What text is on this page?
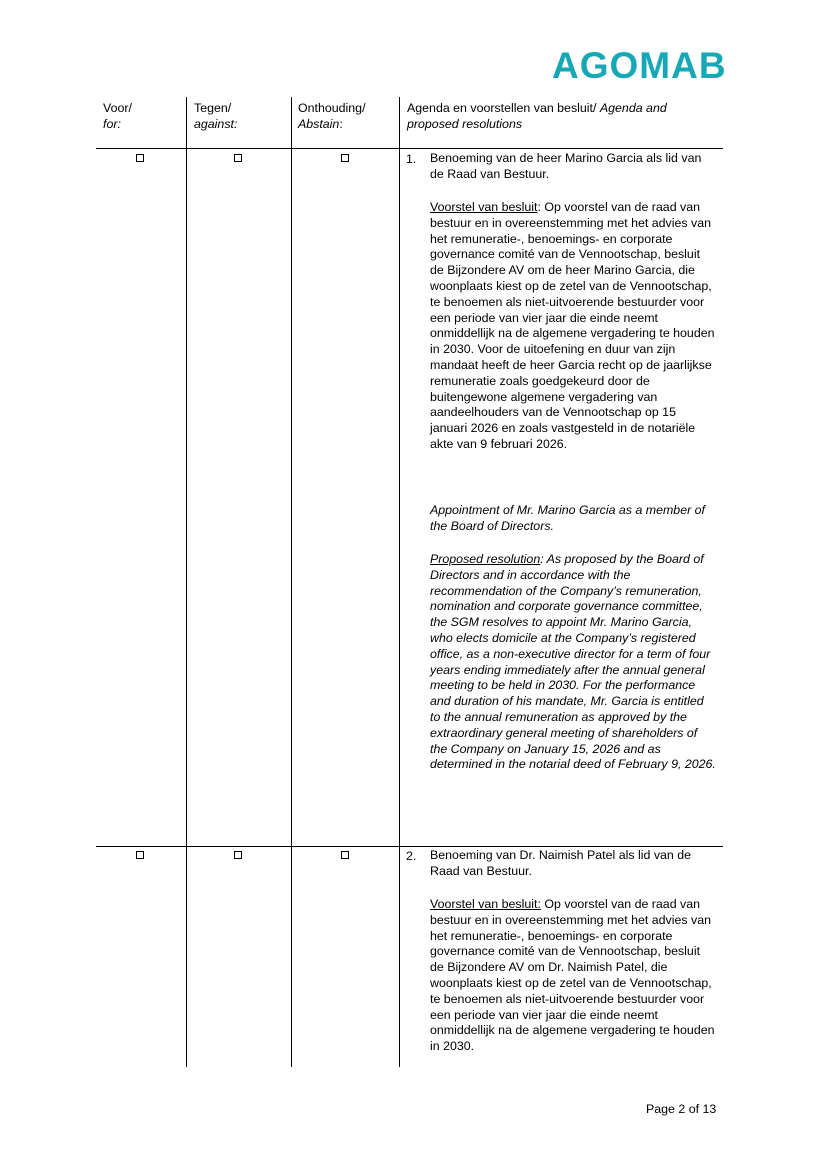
AGOMAB
Voor/
for:
Tegen/
against:
Onthouding/
Abstain:
Agenda en voorstellen van besluit/ Agenda and
proposed resolutions
1. Benoeming van de heer Marino Garcia als lid van de Raad van Bestuur.
Voorstel van besluit: Op voorstel van de raad van bestuur en in overeenstemming met het advies van het remuneratie-, benoemings- en corporate governance comité van de Vennootschap, besluit de Bijzondere AV om de heer Marino Garcia, die woonplaats kiest op de zetel van de Vennootschap, te benoemen als niet-uitvoerende bestuurder voor een periode van vier jaar die einde neemt onmiddellijk na de algemene vergadering te houden in 2030. Voor de uitoefening en duur van zijn mandaat heeft de heer Garcia recht op de jaarlijkse remuneratie zoals goedgekeurd door de buitengewone algemene vergadering van aandeelhouders van de Vennootschap op 15 januari 2026 en zoals vastgesteld in de notariële akte van 9 februari 2026.
Appointment of Mr. Marino Garcia as a member of the Board of Directors.
Proposed resolution: As proposed by the Board of Directors and in accordance with the recommendation of the Company’s remuneration, nomination and corporate governance committee, the SGM resolves to appoint Mr. Marino Garcia, who elects domicile at the Company’s registered office, as a non-executive director for a term of four years ending immediately after the annual general meeting to be held in 2030. For the performance and duration of his mandate, Mr. Garcia is entitled to the annual remuneration as approved by the extraordinary general meeting of shareholders of the Company on January 15, 2026 and as determined in the notarial deed of February 9, 2026.
2. Benoeming van Dr. Naimish Patel als lid van de Raad van Bestuur.
Voorstel van besluit: Op voorstel van de raad van bestuur en in overeenstemming met het advies van het remuneratie-, benoemings- en corporate governance comité van de Vennootschap, besluit de Bijzondere AV om Dr. Naimish Patel, die woonplaats kiest op de zetel van de Vennootschap, te benoemen als niet-uitvoerende bestuurder voor een periode van vier jaar die einde neemt onmiddellijk na de algemene vergadering te houden in 2030.
Page 2 of 13
